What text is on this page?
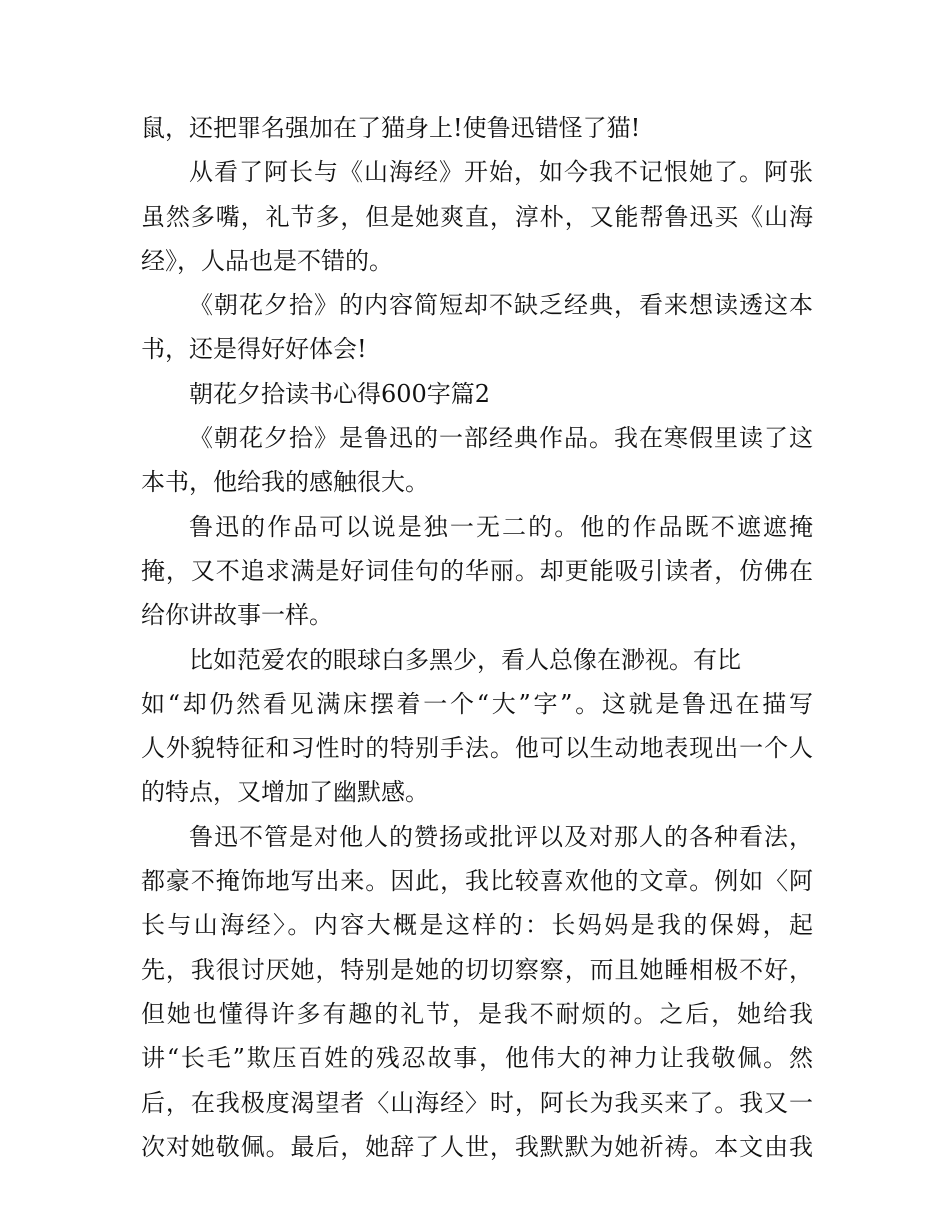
鼠，还把罪名强加在了猫身上!使鲁迅错怪了猫!
从看了阿长与《山海经》开始，如今我不记恨她了。阿张
虽然多嘴，礼节多，但是她爽直，淳朴，又能帮鲁迅买《山海
经》，人品也是不错的。
《朝花夕拾》的内容简短却不缺乏经典，看来想读透这本
书，还是得好好体会!
朝花夕拾读书心得600字篇2
《朝花夕拾》是鲁迅的一部经典作品。我在寒假里读了这
本书，他给我的感触很大。
鲁迅的作品可以说是独一无二的。他的作品既不遮遮掩
掩，又不追求满是好词佳句的华丽。却更能吸引读者，仿佛在
给你讲故事一样。
比如范爱农的眼球白多黑少，看人总像在渺视。有比
如“却仍然看见满床摆着一个“大”字”。这就是鲁迅在描写
人外貌特征和习性时的特别手法。他可以生动地表现出一个人
的特点，又增加了幽默感。
鲁迅不管是对他人的赞扬或批评以及对那人的各种看法，
都豪不掩饰地写出来。因此，我比较喜欢他的文章。例如〈阿
长与山海经〉。内容大概是这样的：长妈妈是我的保姆，起
先，我很讨厌她，特别是她的切切察察，而且她睡相极不好，
但她也懂得许多有趣的礼节，是我不耐烦的。之后，她给我
讲“长毛”欺压百姓的残忍故事，他伟大的神力让我敬佩。然
后，在我极度渴望者〈山海经〉时，阿长为我买来了。我又一
次对她敬佩。最后，她辞了人世，我默默为她祈祷。本文由我
